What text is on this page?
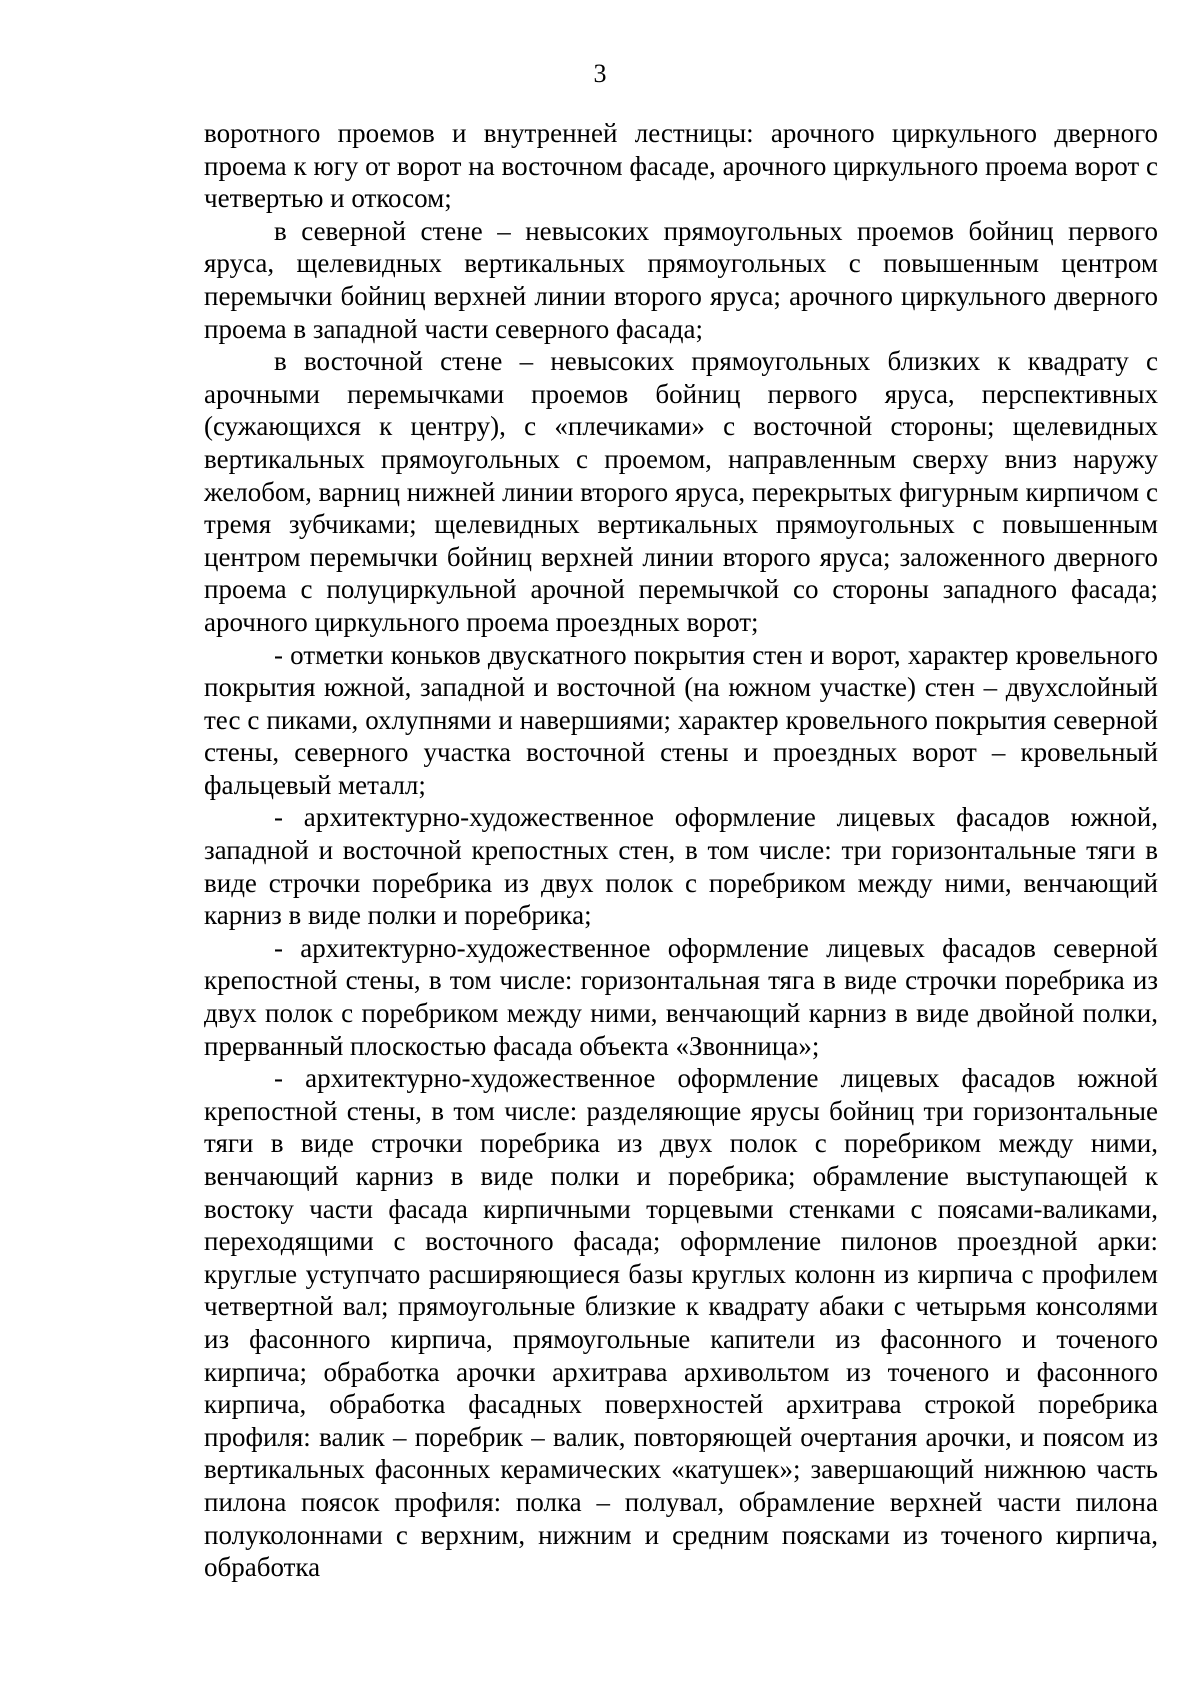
3

воротного проемов и внутренней лестницы: арочного циркульного дверного проема к югу от ворот на восточном фасаде, арочного циркульного проема ворот с четвертью и откосом;

в северной стене – невысоких прямоугольных проемов бойниц первого яруса, щелевидных вертикальных прямоугольных с повышенным центром перемычки бойниц верхней линии второго яруса; арочного циркульного дверного проема в западной части северного фасада;

в восточной стене – невысоких прямоугольных близких к квадрату с арочными перемычками проемов бойниц первого яруса, перспективных (сужающихся к центру), с «плечиками» с восточной стороны; щелевидных вертикальных прямоугольных с проемом, направленным сверху вниз наружу желобом, варниц нижней линии второго яруса, перекрытых фигурным кирпичом с тремя зубчиками; щелевидных вертикальных прямоугольных с повышенным центром перемычки бойниц верхней линии второго яруса; заложенного дверного проема с полуциркульной арочной перемычкой со стороны западного фасада; арочного циркульного проема проездных ворот;

- отметки коньков двускатного покрытия стен и ворот, характер кровельного покрытия южной, западной и восточной (на южном участке) стен – двухслойный тес с пиками, охлупнями и навершиями; характер кровельного покрытия северной стены, северного участка восточной стены и проездных ворот – кровельный фальцевый металл;

- архитектурно-художественное оформление лицевых фасадов южной, западной и восточной крепостных стен, в том числе: три горизонтальные тяги в виде строчки поребрика из двух полок с поребриком между ними, венчающий карниз в виде полки и поребрика;

- архитектурно-художественное оформление лицевых фасадов северной крепостной стены, в том числе: горизонтальная тяга в виде строчки поребрика из двух полок с поребриком между ними, венчающий карниз в виде двойной полки, прерванный плоскостью фасада объекта «Звонница»;

- архитектурно-художественное оформление лицевых фасадов южной крепостной стены, в том числе: разделяющие ярусы бойниц три горизонтальные тяги в виде строчки поребрика из двух полок с поребриком между ними, венчающий карниз в виде полки и поребрика; обрамление выступающей к востоку части фасада кирпичными торцевыми стенками с поясами-валиками, переходящими с восточного фасада; оформление пилонов проездной арки: круглые уступчато расширяющиеся базы круглых колонн из кирпича с профилем четвертной вал; прямоугольные близкие к квадрату абаки с четырьмя консолями из фасонного кирпича, прямоугольные капители из фасонного и точеного кирпича; обработка арочки архитрава архивольтом из точеного и фасонного кирпича, обработка фасадных поверхностей архитрава строкой поребрика профиля: валик – поребрик – валик, повторяющей очертания арочки, и поясом из вертикальных фасонных керамических «катушек»; завершающий нижнюю часть пилона поясок профиля: полка – полувал, обрамление верхней части пилона полуколоннами с верхним, нижним и средним поясками из точеного кирпича, обработка
